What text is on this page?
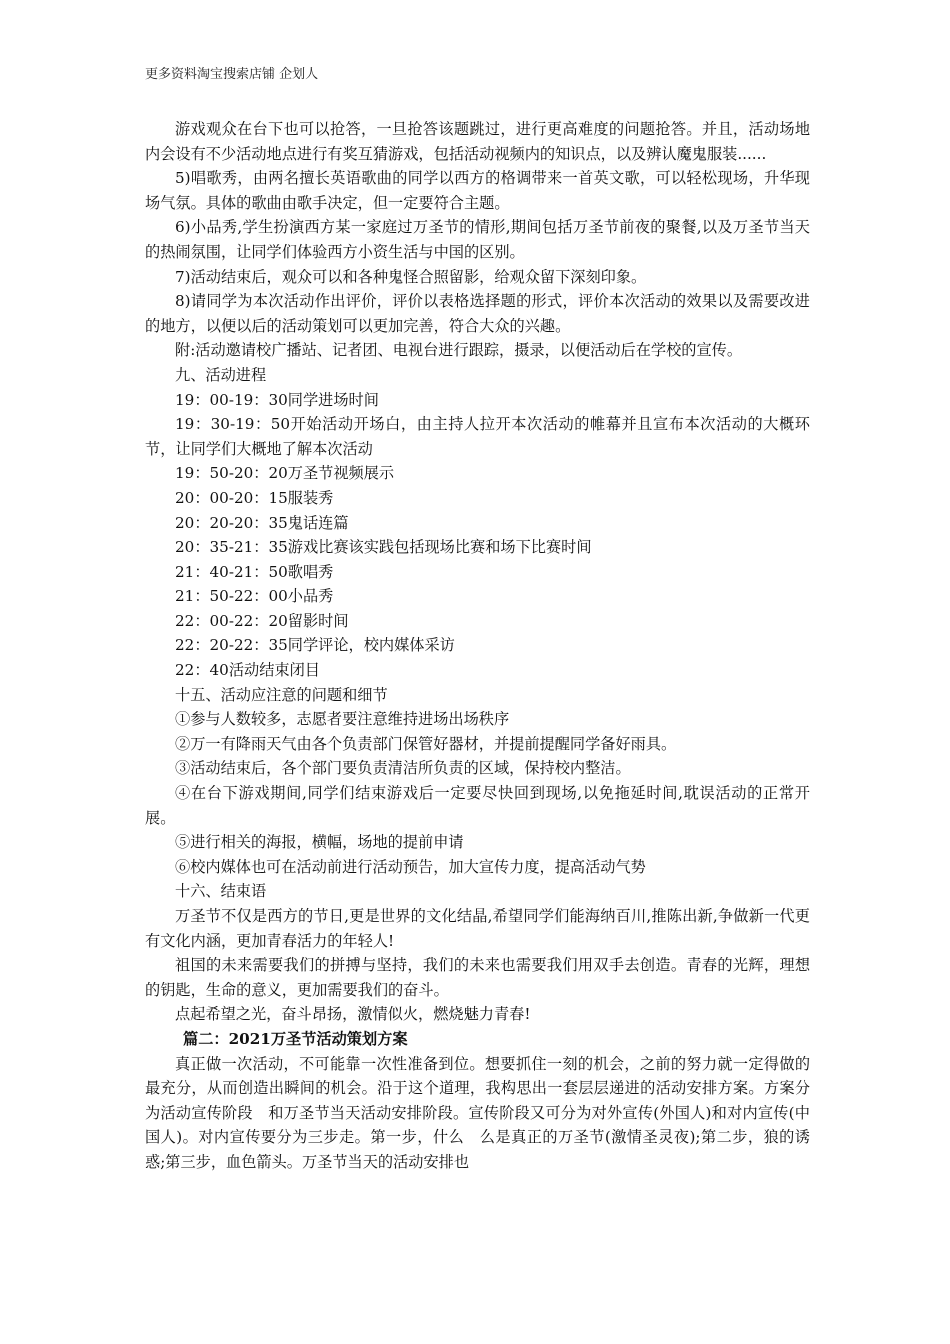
更多资料淘宝搜索店铺 企划人

游戏观众在台下也可以抢答，一旦抢答该题跳过，进行更高难度的问题抢答。并且，活动场地内会设有不少活动地点进行有奖互猜游戏，包括活动视频内的知识点，以及辨认魔鬼服装......

5)唱歌秀，由两名擅长英语歌曲的同学以西方的格调带来一首英文歌，可以轻松现场，升华现场气氛。具体的歌曲由歌手决定，但一定要符合主题。

6)小品秀,学生扮演西方某一家庭过万圣节的情形,期间包括万圣节前夜的聚餐,以及万圣节当天的热闹氛围，让同学们体验西方小资生活与中国的区别。

7)活动结束后，观众可以和各种鬼怪合照留影，给观众留下深刻印象。

8)请同学为本次活动作出评价，评价以表格选择题的形式，评价本次活动的效果以及需要改进的地方，以便以后的活动策划可以更加完善，符合大众的兴趣。

附:活动邀请校广播站、记者团、电视台进行跟踪，摄录，以便活动后在学校的宣传。

九、活动进程

19：00-19：30同学进场时间

19：30-19：50开始活动开场白，由主持人拉开本次活动的帷幕并且宣布本次活动的大概环节，让同学们大概地了解本次活动

19：50-20：20万圣节视频展示

20：00-20：15服装秀

20：20-20：35鬼话连篇

20：35-21：35游戏比赛该实践包括现场比赛和场下比赛时间

21：40-21：50歌唱秀

21：50-22：00小品秀

22：00-22：20留影时间

22：20-22：35同学评论，校内媒体采访

22：40活动结束闭目

十五、活动应注意的问题和细节

①参与人数较多，志愿者要注意维持进场出场秩序

②万一有降雨天气由各个负责部门保管好器材，并提前提醒同学备好雨具。

③活动结束后，各个部门要负责清洁所负责的区域，保持校内整洁。

④在台下游戏期间,同学们结束游戏后一定要尽快回到现场,以免拖延时间,耽误活动的正常开展。

⑤进行相关的海报，横幅，场地的提前申请

⑥校内媒体也可在活动前进行活动预告，加大宣传力度，提高活动气势

十六、结束语

万圣节不仅是西方的节日,更是世界的文化结晶,希望同学们能海纳百川,推陈出新,争做新一代更有文化内涵，更加青春活力的年轻人!

祖国的未来需要我们的拼搏与坚持，我们的未来也需要我们用双手去创造。青春的光辉，理想的钥匙，生命的意义，更加需要我们的奋斗。

点起希望之光，奋斗昂扬，激情似火，燃烧魅力青春!

篇二：2021万圣节活动策划方案

真正做一次活动，不可能靠一次性准备到位。想要抓住一刻的机会，之前的努力就一定得做的最充分，从而创造出瞬间的机会。沿于这个道理，我构思出一套层层递进的活动安排方案。方案分为活动宣传阶段　和万圣节当天活动安排阶段。宣传阶段又可分为对外宣传(外国人)和对内宣传(中国人)。对内宣传要分为三步走。第一步，什么　么是真正的万圣节(激情圣灵夜);第二步，狼的诱惑;第三步，血色箭头。万圣节当天的活动安排也
